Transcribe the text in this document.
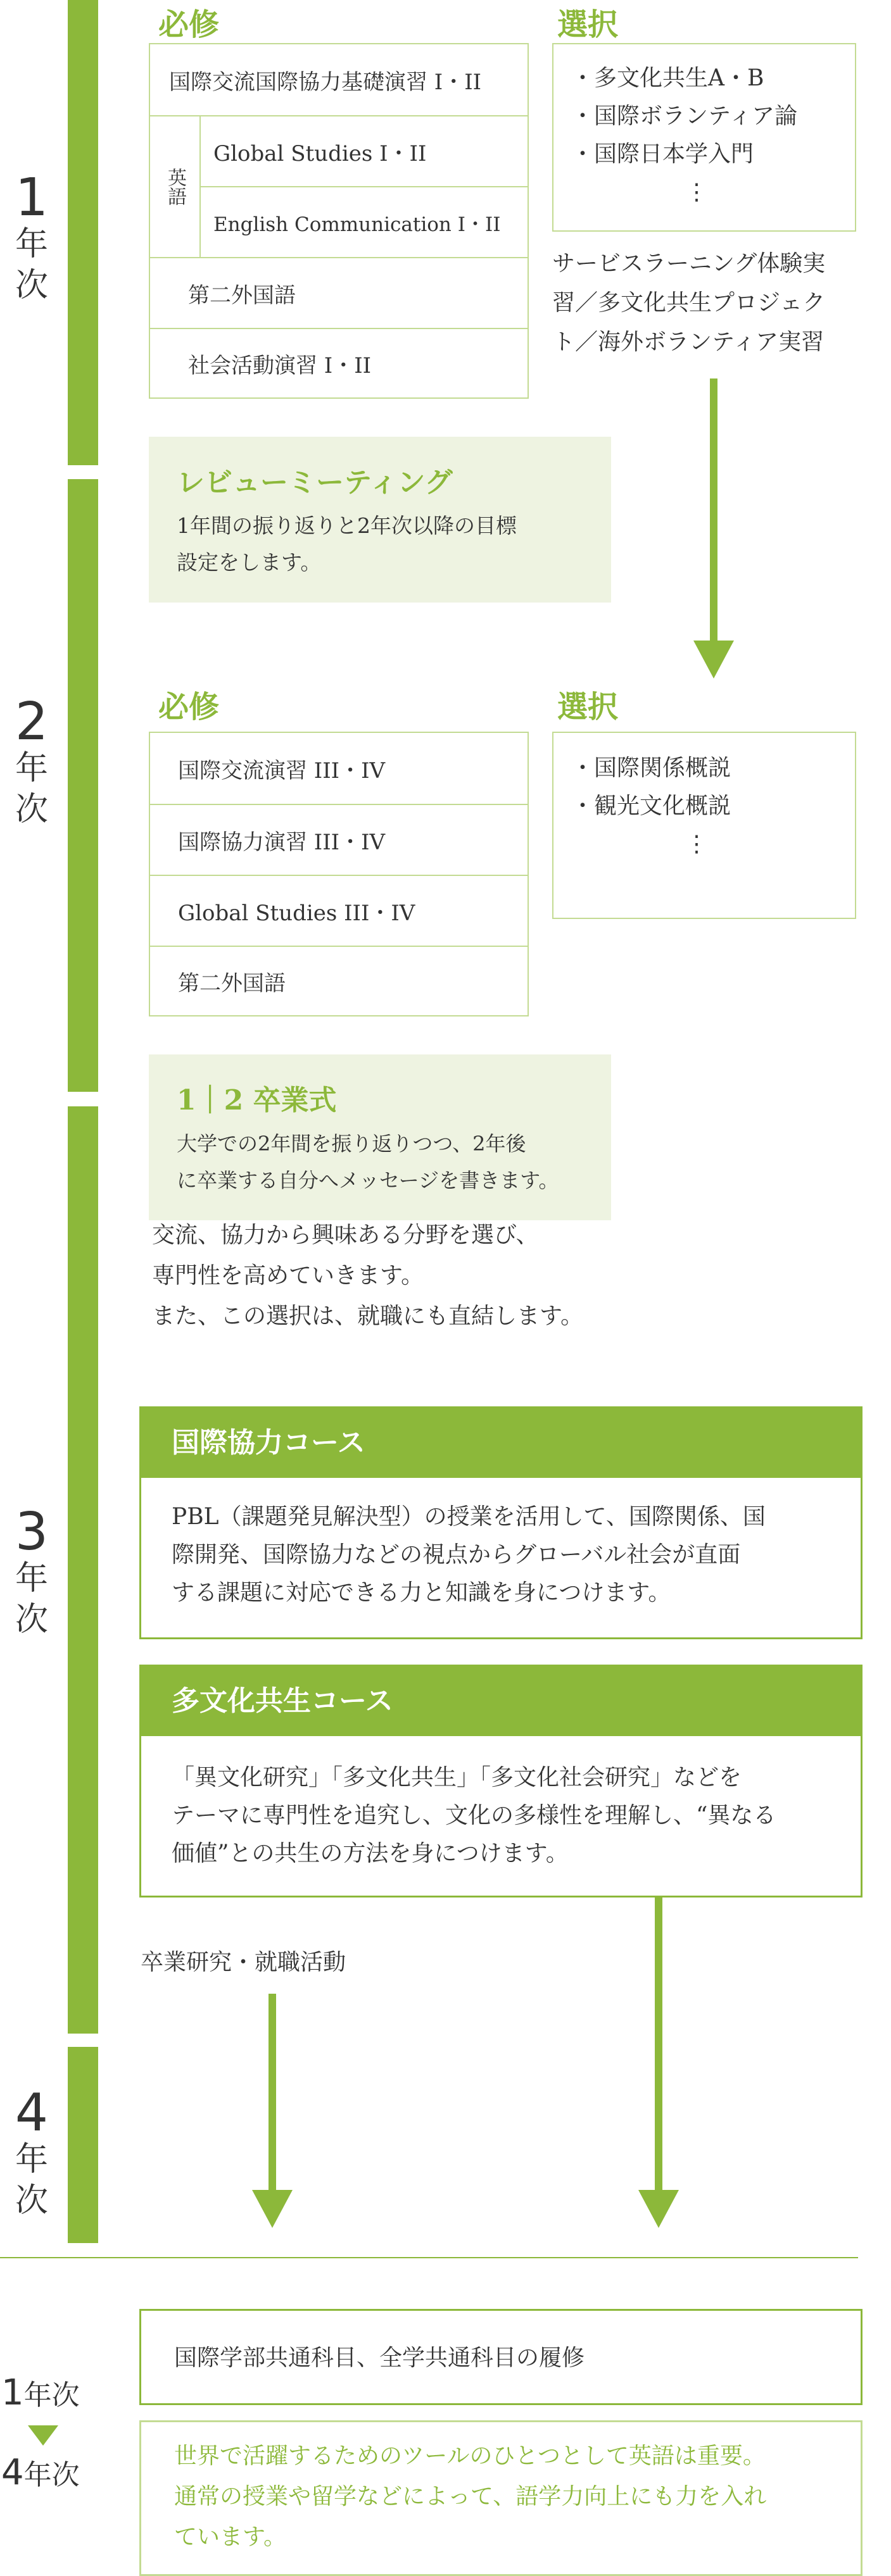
1
年
次
2
年
次
3
年
次
4
年
次
必修	選択
国際交流国際協力基礎演習 I・II
英語
Global Studies I・II
English Communication I・II
第二外国語
社会活動演習 I・II
・多文化共生A・B
・国際ボランティア論
・国際日本学入門
⋮
サービスラーニング体験実
習／多文化共生プロジェク
ト／海外ボランティア実習
レビューミーティング
1年間の振り返りと2年次以降の目標
設定をします。
必修	選択
国際交流演習 III・IV
国際協力演習 III・IV
Global Studies III・IV
第二外国語
・国際関係概説
・観光文化概説
⋮
1｜2 卒業式
大学での2年間を振り返りつつ、2年後
に卒業する自分へメッセージを書きます。
交流、協力から興味ある分野を選び、
専門性を高めていきます。
また、この選択は、就職にも直結します。
国際協力コース
PBL（課題発見解決型）の授業を活用して、国際関係、国
際開発、国際協力などの視点からグローバル社会が直面
する課題に対応できる力と知識を身につけます。
多文化共生コース
「異文化研究」「多文化共生」「多文化社会研究」などを
テーマに専門性を追究し、文化の多様性を理解し、“異なる
価値”との共生の方法を身につけます。
卒業研究・就職活動
1年次
4年次
国際学部共通科目、全学共通科目の履修
世界で活躍するためのツールのひとつとして英語は重要。
通常の授業や留学などによって、語学力向上にも力を入れ
ています。
